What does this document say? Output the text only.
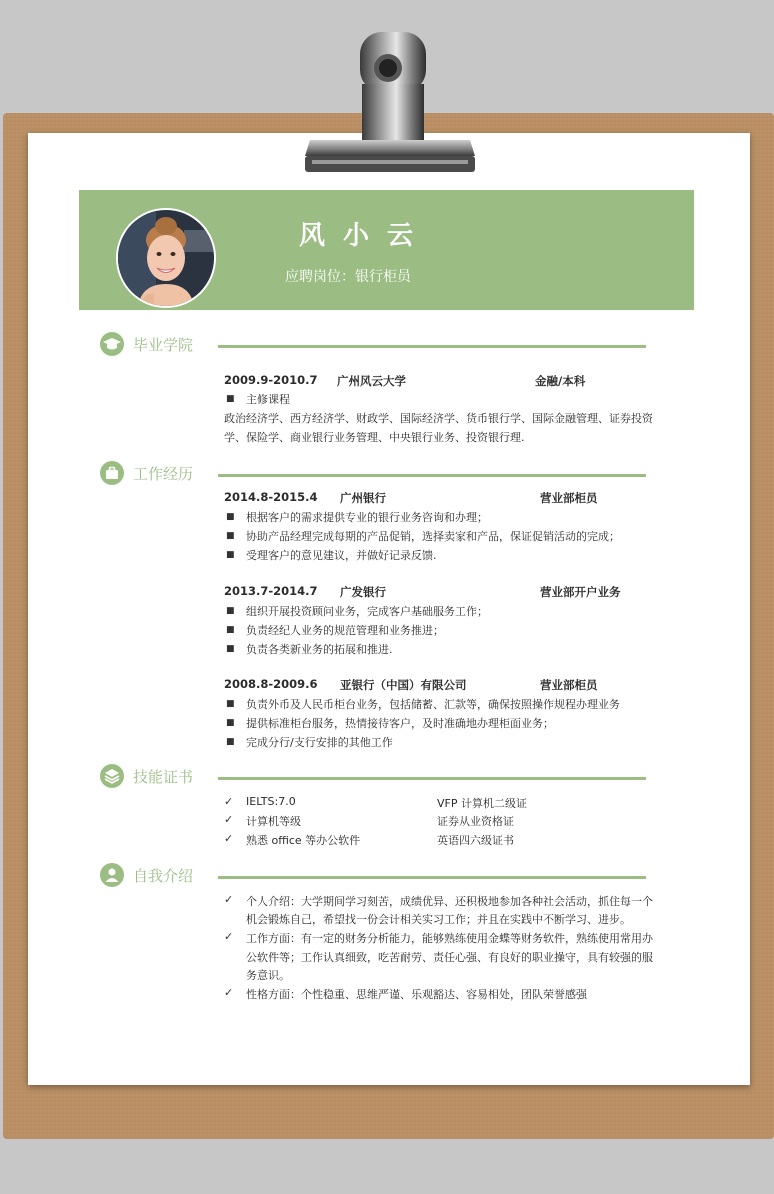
风小云
应聘岗位：银行柜员
毕业学院
2009.9-2010.7 广州风云大学	金融/本科
■ 主修课程
政治经济学、西方经济学、财政学、国际经济学、货币银行学、国际金融管理、证券投资
学、保险学、商业银行业务管理、中央银行业务、投资银行理.
工作经历
2014.8-2015.4 广州银行	营业部柜员
■ 根据客户的需求提供专业的银行业务咨询和办理；
■ 协助产品经理完成每期的产品促销，选择卖家和产品，保证促销活动的完成；
■ 受理客户的意见建议，并做好记录反馈.
2013.7-2014.7 广发银行	营业部开户业务
■ 组织开展投资顾问业务，完成客户基础服务工作；
■ 负责经纪人业务的规范管理和业务推进；
■ 负责各类新业务的拓展和推进.
2008.8-2009.6 亚银行（中国）有限公司	营业部柜员
■ 负责外币及人民币柜台业务，包括储蓄、汇款等，确保按照操作规程办理业务
■ 提供标准柜台服务，热情接待客户，及时准确地办理柜面业务；
■ 完成分行/支行安排的其他工作
技能证书
✓ IELTS:7.0	VFP 计算机二级证
✓ 计算机等级	证券从业资格证
✓ 熟悉 office 等办公软件	英语四六级证书
自我介绍
✓ 个人介绍：大学期间学习刻苦，成绩优异、还积极地参加各种社会活动，抓住每一个
机会锻炼自己，希望找一份会计相关实习工作；并且在实践中不断学习、进步。
✓ 工作方面：有一定的财务分析能力，能够熟练使用金蝶等财务软件，熟练使用常用办
公软件等；工作认真细致，吃苦耐劳、责任心强、有良好的职业操守，具有较强的服
务意识。
✓ 性格方面：个性稳重、思维严谨、乐观豁达、容易相处，团队荣誉感强
